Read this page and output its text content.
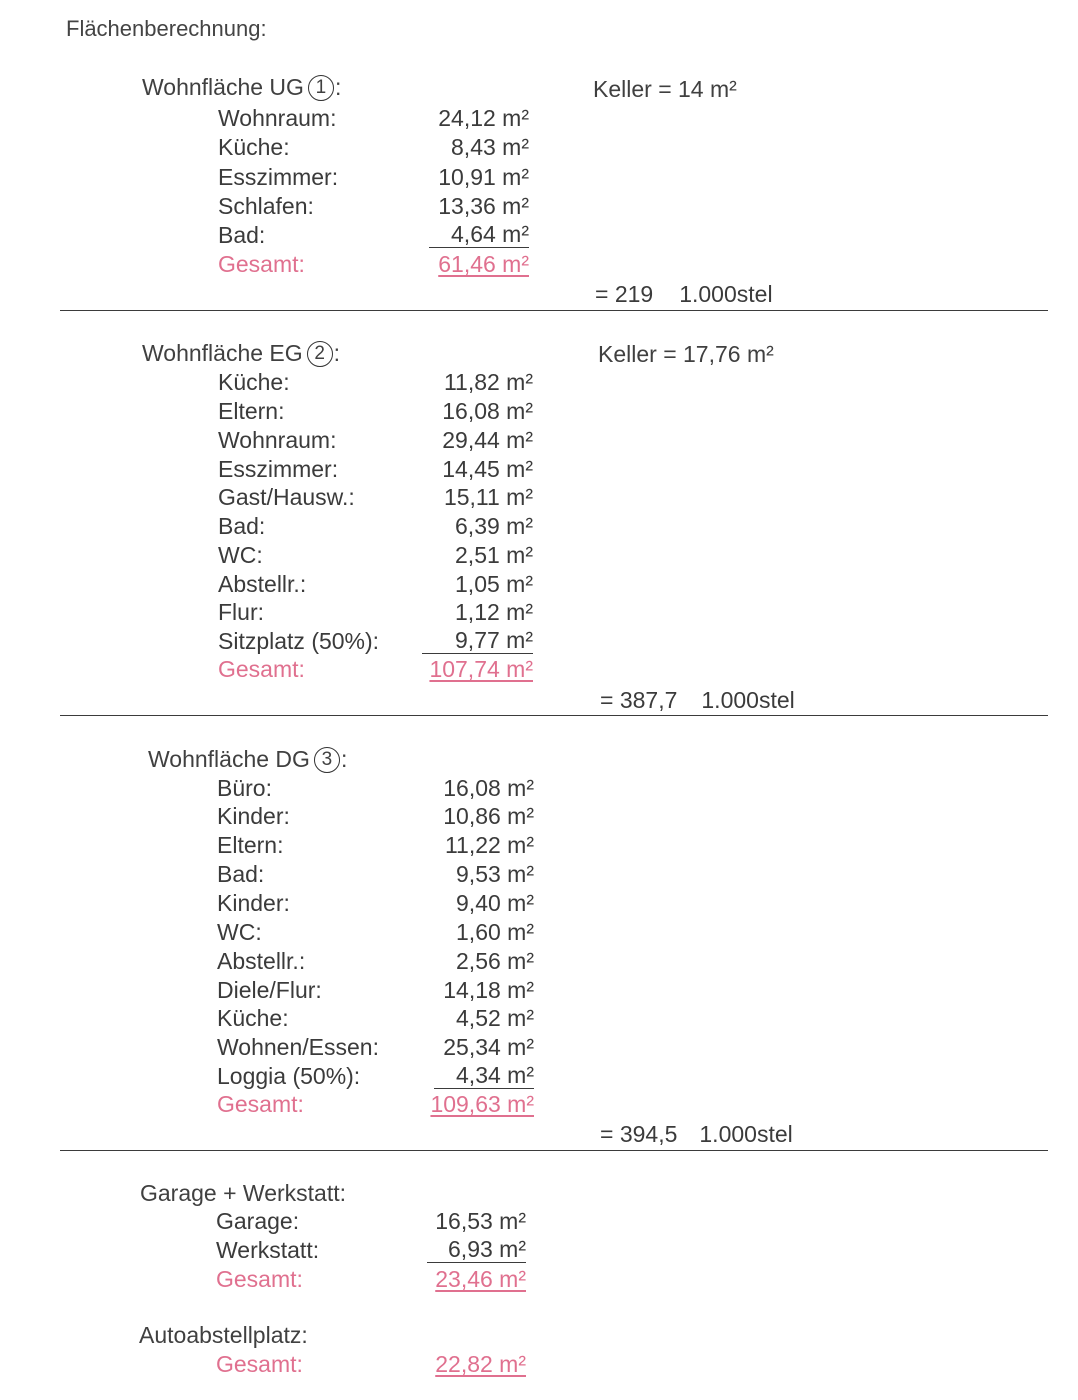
Flächenberechnung:
Wohnfläche UG 1 :	Keller = 14 m²
Wohnraum:	24,12 m²
Küche:	8,43 m²
Esszimmer:	10,91 m²
Schlafen:	13,36 m²
Bad:	4,64 m²
Gesamt:	61,46 m²
= 219 1.000stel
Wohnfläche EG 2 :	Keller = 17,76 m²
Küche:	11,82 m²
Eltern:	16,08 m²
Wohnraum:	29,44 m²
Esszimmer:	14,45 m²
Gast/Hausw.:	15,11 m²
Bad:	6,39 m²
WC:	2,51 m²
Abstellr.:	1,05 m²
Flur:	1,12 m²
Sitzplatz (50%):	9,77 m²
Gesamt:	107,74 m²
= 387,7 1.000stel
Wohnfläche DG 3 :
Büro:	16,08 m²
Kinder:	10,86 m²
Eltern:	11,22 m²
Bad:	9,53 m²
Kinder:	9,40 m²
WC:	1,60 m²
Abstellr.:	2,56 m²
Diele/Flur:	14,18 m²
Küche:	4,52 m²
Wohnen/Essen:	25,34 m²
Loggia (50%):	4,34 m²
Gesamt:	109,63 m²
= 394,5 1.000stel
Garage + Werkstatt:
Garage:	16,53 m²
Werkstatt:	6,93 m²
Gesamt:	23,46 m²
Autoabstellplatz:
Gesamt:	22,82 m²
